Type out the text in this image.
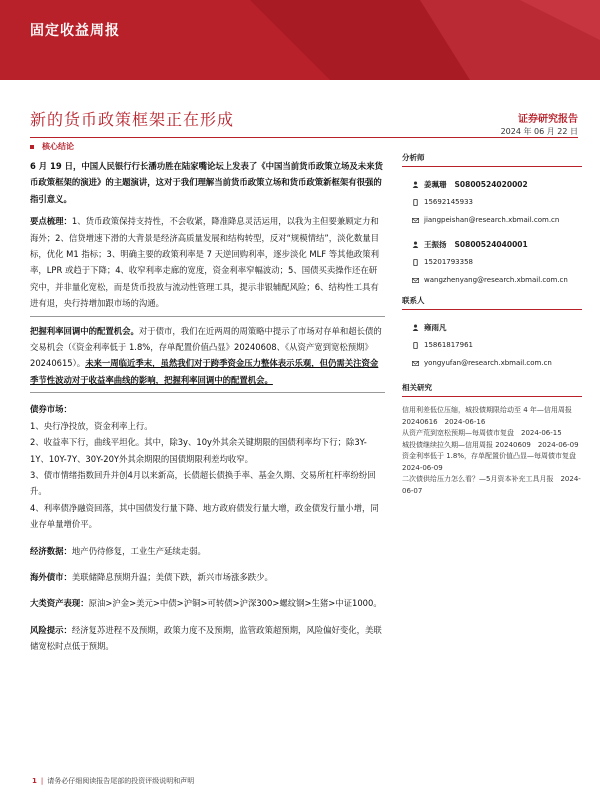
固定收益周报
新的货币政策框架正在形成	证券研究报告
2024 年 06 月 22 日
核心结论

6 月 19 日，中国人民银行行长潘功胜在陆家嘴论坛上发表了《中国当前货币政策立场及未来货币政策框架的演进》的主题演讲，这对于我们理解当前货币政策立场和货币政策新框架有很强的指引意义。

要点梳理：1、货币政策保持支持性，不会收紧，降准降息灵活运用，以我为主但要兼顾定力和海外；2、信贷增速下滑的大背景是经济高质量发展和结构转型，反对“规模情结”，淡化数量目标，优化 M1 指标；3、明确主要的政策利率是 7 天逆回购利率，逐步淡化 MLF 等其他政策利率，LPR 或趋于下降；4、收窄利率走廊的宽度，资金利率窄幅波动；5、国债买卖操作还在研究中，并非量化宽松，而是货币投放与流动性管理工具，提示非银辅配风险；6、结构性工具有进有退，央行持增加跟市场的沟通。

把握利率回调中的配置机会。对于债市，我们在近两周的周策略中提示了市场对存单和超长债的交易机会（《资金利率低于 1.8%，存单配置价值凸显》20240608、《从资产宽到宽松预期》20240615）。未来一周临近季末，虽然我们对于跨季资金压力整体表示乐观，但仍需关注资金季节性波动对于收益率曲线的影响，把握利率回调中的配置机会。

债券市场：

1、央行净投放，资金利率上行。

2、收益率下行，曲线平坦化。其中，除3y、10y外其余关键期限的国债利率均下行；除3Y-1Y、10Y-7Y、30Y-20Y外其余期限的国债期限利差均收窄。

3、债市情绪指数回升并创4月以来新高，长债超长债换手率、基金久期、交易所杠杆率纷纷回升。

4、利率债净融资回落，其中国债发行量下降、地方政府债发行量大增，政金债发行量小增，同业存单量增价平。

经济数据：地产仍待修复，工业生产延续走弱。

海外债市：美联储降息预期升温；美债下跌，新兴市场涨多跌少。

大类资产表现：原油>沪金>美元>中债>沪铜>可转债>沪深300>螺纹钢>生猪>中证1000。

风险提示：经济复苏进程不及预期，政策力度不及预期，监管政策超预期，风险偏好变化，美联储宽松时点低于预期。

分析师
姜珮珊 S0800524020002
15692145933
jiangpeishan@research.xbmail.com.cn
王振扬 S0800524040001
15201793358
wangzhenyang@research.xbmail.com.cn
联系人
雍雨凡
15861817961
yongyufan@research.xbmail.com.cn
相关研究
信用利差低位压缩，城投债期限给动至 4 年—信用周报 20240616　2024-06-16
从资产荒到宽松预期—每周债市复盘　2024-06-15
城投债继续拉久期—信用周报 20240609　2024-06-09
资金利率低于 1.8%，存单配置价值凸显—每周债市复盘　2024-06-09
二次债供给压力怎么看？—5月资本补充工具月报　2024-06-07
1 | 请务必仔细阅读报告尾部的投资评级说明和声明
